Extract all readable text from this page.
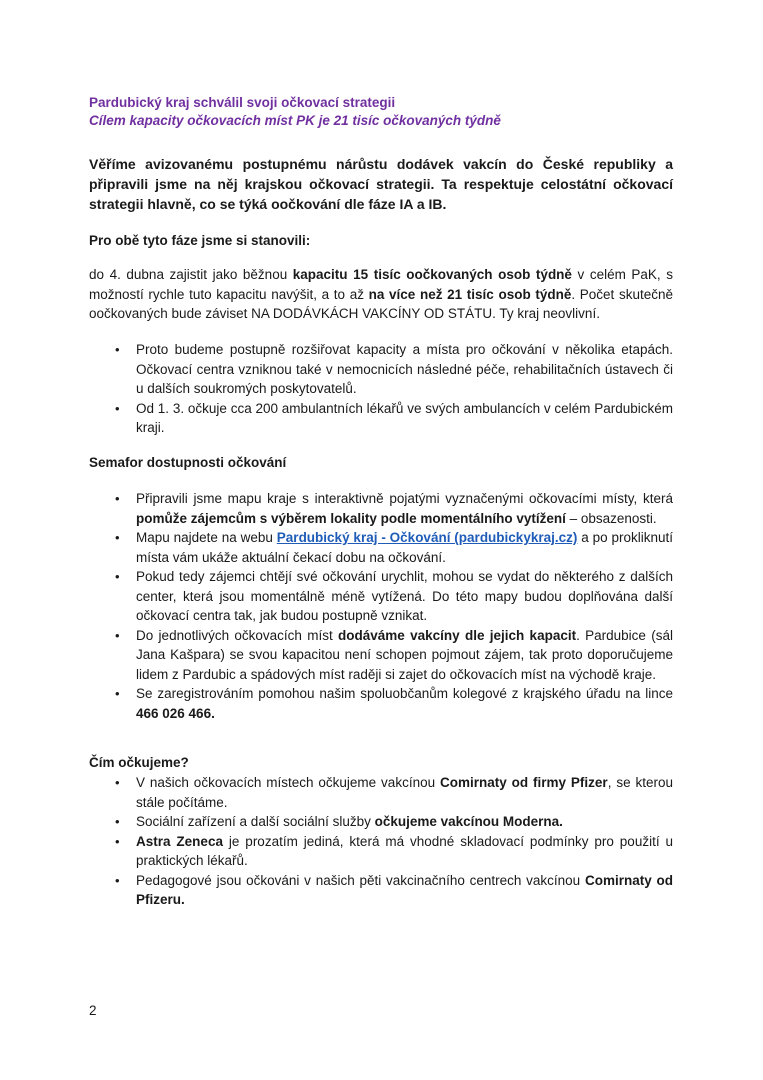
Pardubický kraj schválil svoji očkovací strategii

Cílem kapacity očkovacích míst PK je 21 tisíc očkovaných týdně

Věříme avizovanému postupnému nárůstu dodávek vakcín do České republiky a připravili jsme na něj krajskou očkovací strategii. Ta respektuje celostátní očkovací strategii hlavně, co se týká oočkování dle fáze IA a IB.

Pro obě tyto fáze jsme si stanovili:

do 4. dubna zajistit jako běžnou kapacitu 15 tisíc oočkovaných osob týdně v celém PaK, s možností rychle tuto kapacitu navýšit, a to až na více než 21 tisíc osob týdně. Počet skutečně oočkovaných bude záviset NA DODÁVKÁCH VAKCÍNY OD STÁTU. Ty kraj neovlivní.

• Proto budeme postupně rozšiřovat kapacity a místa pro očkování v několika etapách. Očkovací centra vzniknou také v nemocnicích následné péče, rehabilitačních ústavech či u dalších soukromých poskytovatelů.
• Od 1. 3. očkuje cca 200 ambulantních lékařů ve svých ambulancích v celém Pardubickém kraji.

Semafor dostupnosti očkování

• Připravili jsme mapu kraje s interaktivně pojatými vyznačenými očkovacími místy, která pomůže zájemcům s výběrem lokality podle momentálního vytížení – obsazenosti.
• Mapu najdete na webu Pardubický kraj - Očkování (pardubickykraj.cz) a po prokliknutí místa vám ukáže aktuální čekací dobu na očkování.
• Pokud tedy zájemci chtějí své očkování urychlit, mohou se vydat do některého z dalších center, která jsou momentálně méně vytížená. Do této mapy budou doplňována další očkovací centra tak, jak budou postupně vznikat.
• Do jednotlivých očkovacích míst dodáváme vakcíny dle jejich kapacit. Pardubice (sál Jana Kašpara) se svou kapacitou není schopen pojmout zájem, tak proto doporučujeme lidem z Pardubic a spádových míst raději si zajet do očkovacích míst na východě kraje.
• Se zaregistrováním pomohou našim spoluobčanům kolegové z krajského úřadu na lince 466 026 466.

Čím očkujeme?

• V našich očkovacích místech očkujeme vakcínou Comirnaty od firmy Pfizer, se kterou stále počítáme.
• Sociální zařízení a další sociální služby očkujeme vakcínou Moderna.
• Astra Zeneca je prozatím jediná, která má vhodné skladovací podmínky pro použití u praktických lékařů.
• Pedagogové jsou očkováni v našich pěti vakcinačního centrech vakcínou Comirnaty od Pfizeru.
2
